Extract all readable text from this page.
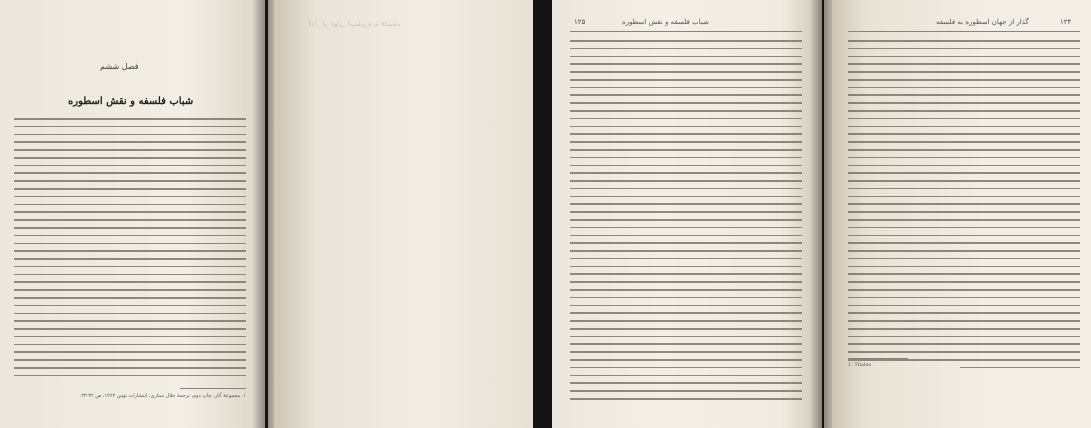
فصل ششم
شباب فلسفه و نقش اسطوره
۱. مجموعهٔ آثار، چاپ دوم، ترجمهٔ جلال ستاری، انتشارات توس ۱۳۶۳، ص ۳۲-۳۳.
گذار از جهان اسطوره به فلسفه	شباب فلسفه و نقش اسطوره
۱۲۵	۱۲۴
گذار از جهان اسطوره به فلسفه
1. Thales
